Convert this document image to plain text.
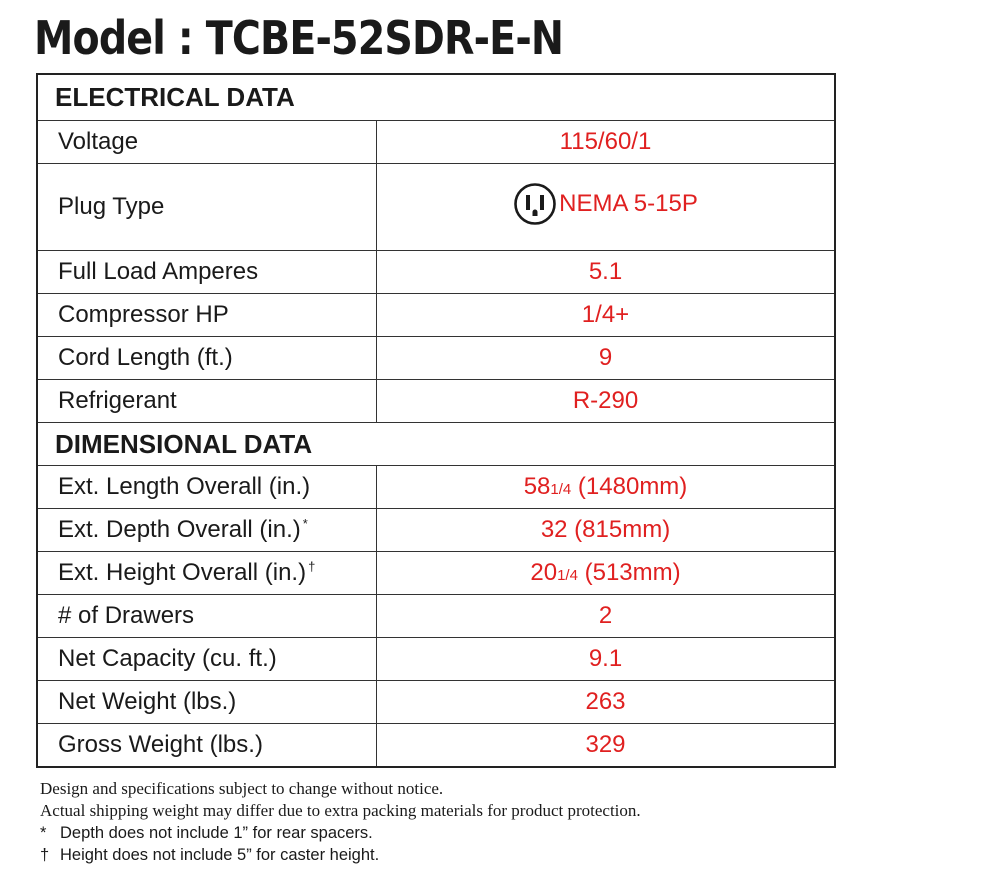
Model : TCBE-52SDR-E-N
ELECTRICAL DATA	
Voltage	115/60/1
Plug Type	NEMA 5-15P

Full Load Amperes	5.1
Compressor HP	1/4+
Cord Length (ft.)	9
Refrigerant	R-290
DIMENSIONAL DATA	
Ext. Length Overall (in.)	581/4 (1480mm)
Ext. Depth Overall (in.) *	32 (815mm)
Ext. Height Overall (in.) †	201/4 (513mm)
# of Drawers	2
Net Capacity (cu. ft.)	9.1
Net Weight (lbs.)	263
Gross Weight (lbs.)	329
Design and specifications subject to change without notice.
Actual shipping weight may differ due to extra packing materials for product protection.
* Depth does not include 1” for rear spacers.
† Height does not include 5” for caster height.
